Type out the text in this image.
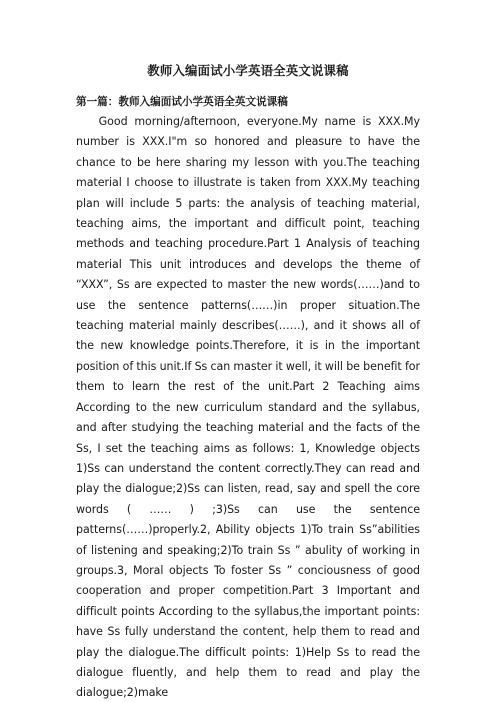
教师入编面试小学英语全英文说课稿
第一篇：教师入编面试小学英语全英文说课稿

Good morning/afternoon, everyone.My name is XXX.My number is XXX.I"m so honored and pleasure to have the chance to be here sharing my lesson with you.The teaching material I choose to illustrate is taken from XXX.My teaching plan will include 5 parts: the analysis of teaching material, teaching aims, the important and difficult point, teaching methods and teaching procedure.Part 1 Analysis of teaching material This unit introduces and develops the theme of “XXX”, Ss are expected to master the new words(……)and to use the sentence patterns(……)in proper situation.The teaching material mainly describes(……), and it shows all of the new knowledge points.Therefore, it is in the important position of this unit.If Ss can master it well, it will be benefit for them to learn the rest of the unit.Part 2 Teaching aims According to the new curriculum standard and the syllabus, and after studying the teaching material and the facts of the Ss, I set the teaching aims as follows: 1, Knowledge objects 1)Ss can understand the content correctly.They can read and play the dialogue;2)Ss can listen, read, say and spell the core words ( …… ) ;3)Ss can use the sentence patterns(……)properly.2, Ability objects 1)To train Ss”abilities of listening and speaking;2)To train Ss ” abulity of working in groups.3, Moral objects To foster Ss ” conciousness of good cooperation and proper competition.Part 3 Important and difficult points According to the syllabus,the important points: have Ss fully understand the content, help them to read and play the dialogue.The difficult points: 1)Help Ss to read the dialogue fluently, and help them to read and play the dialogue;2)make
